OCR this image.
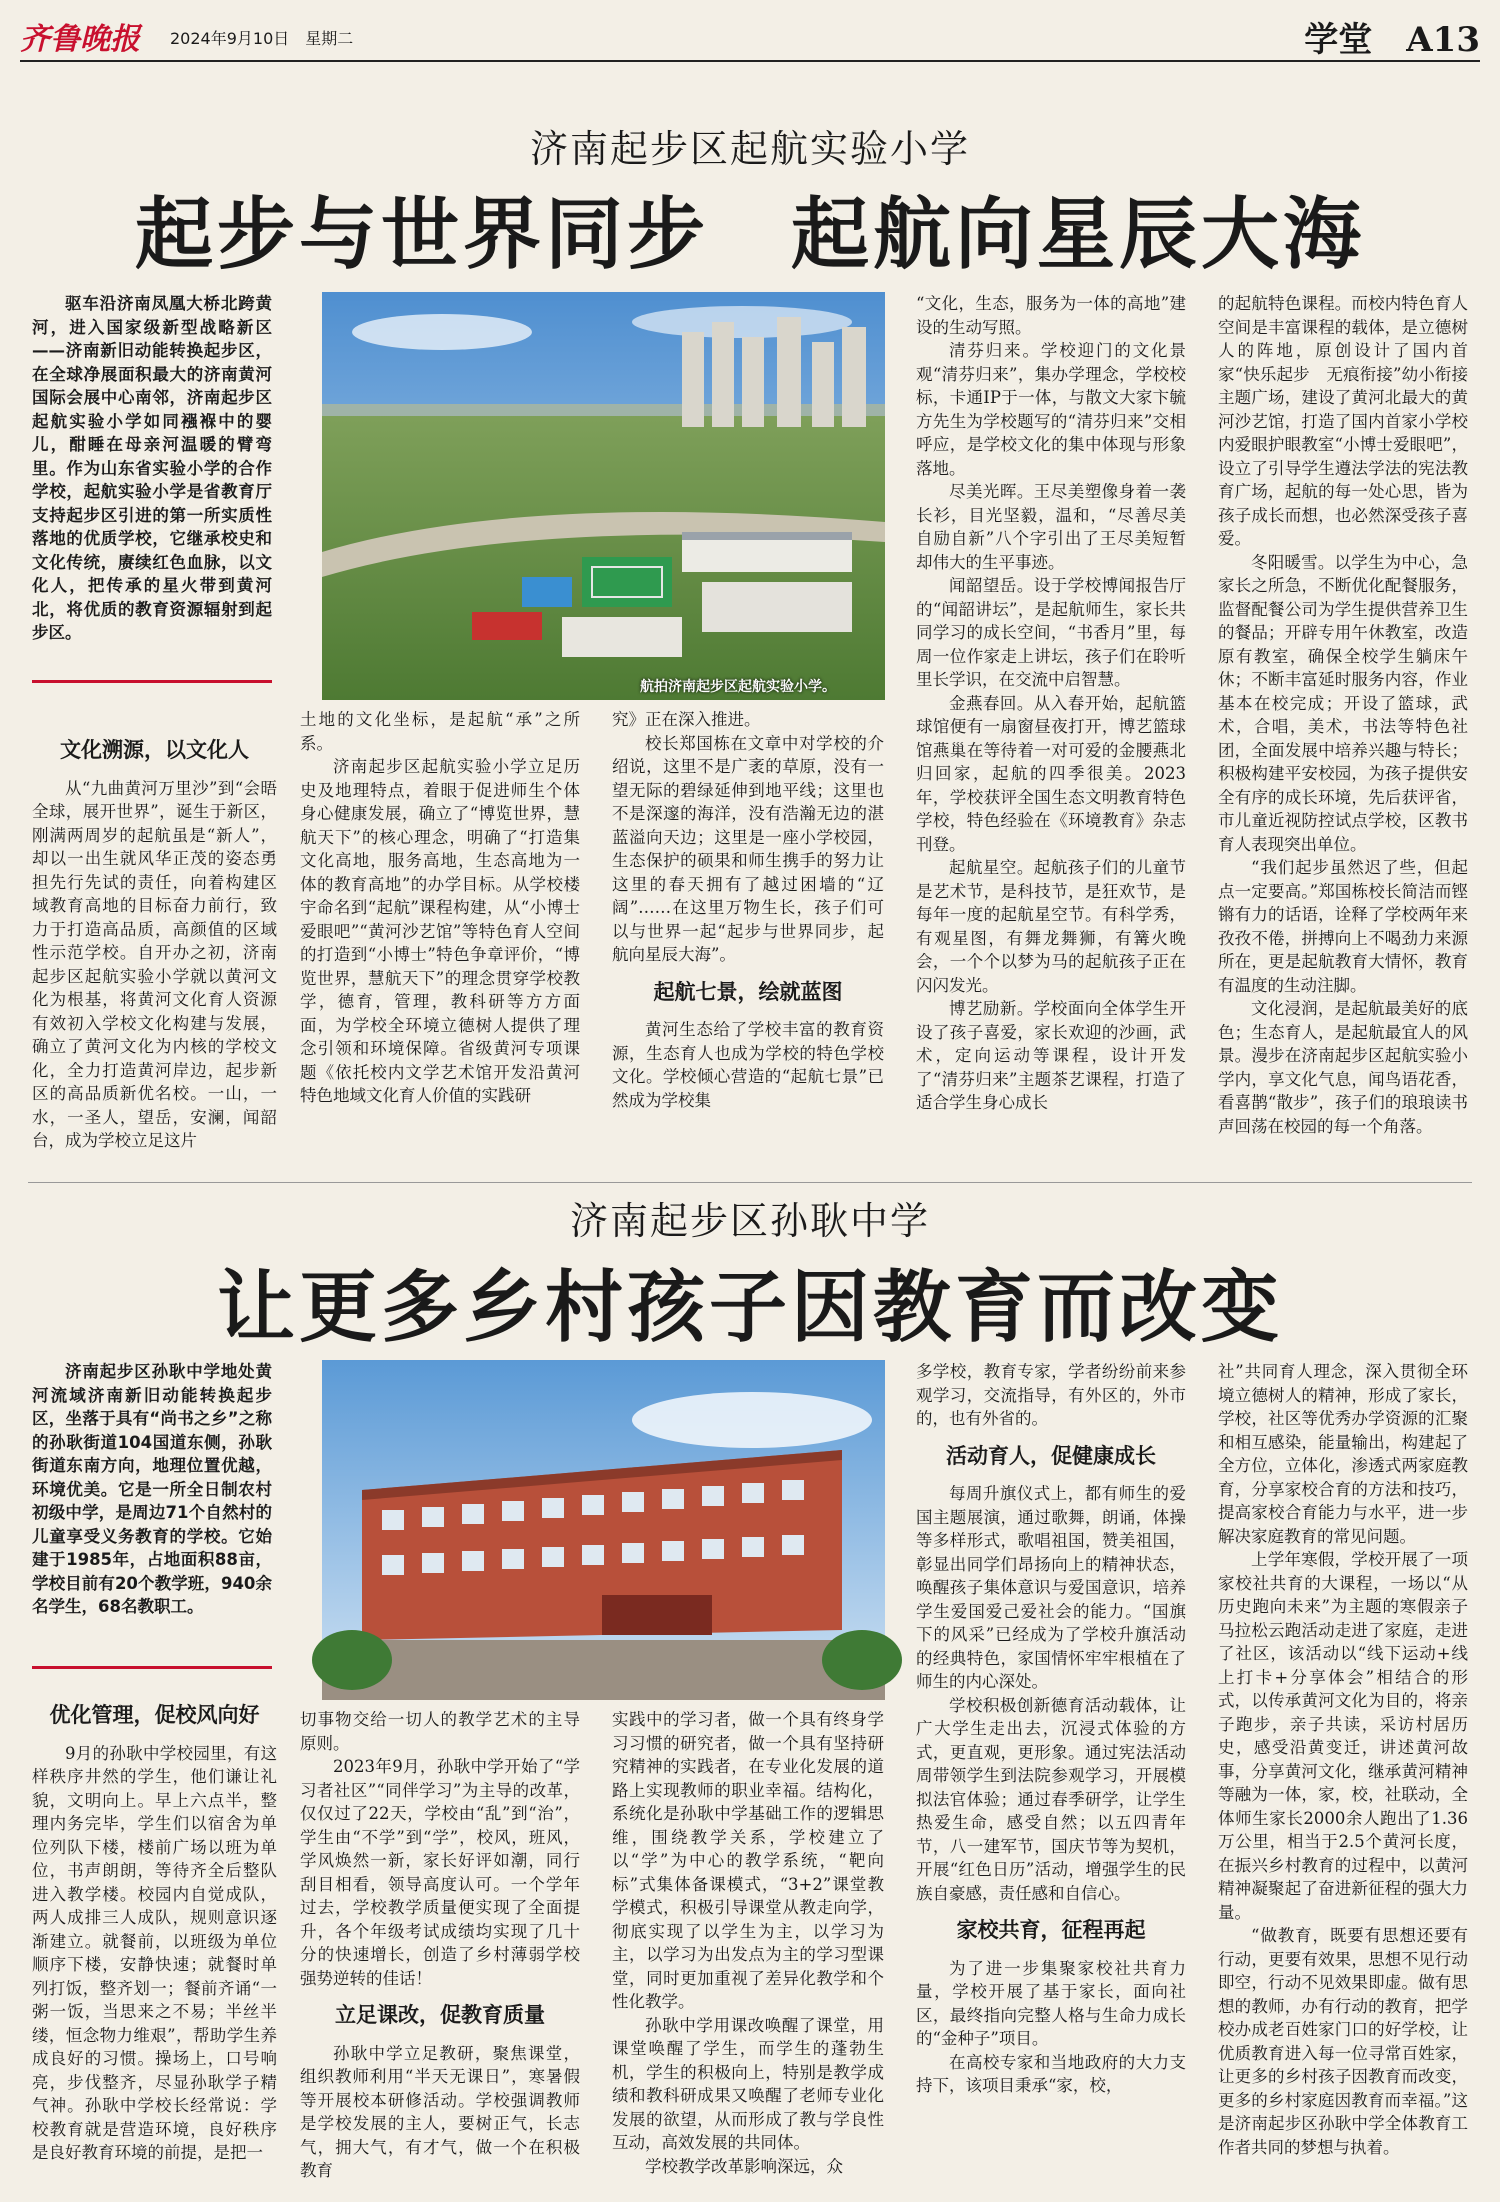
齐鲁晚报 2024年9月10日　星期二	学堂　A13
济南起步区起航实验小学
起步与世界同步　起航向星辰大海

驱车沿济南凤凰大桥北跨黄河，进入国家级新型战略新区——济南新旧动能转换起步区，在全球净展面积最大的济南黄河国际会展中心南邻，济南起步区起航实验小学如同襁褓中的婴儿，酣睡在母亲河温暖的臂弯里。作为山东省实验小学的合作学校，起航实验小学是省教育厅支持起步区引进的第一所实质性落地的优质学校，它继承校史和文化传统，赓续红色血脉，以文化人，把传承的星火带到黄河北，将优质的教育资源辐射到起步区。

航拍济南起步区起航实验小学。

文化溯源，以文化人

从“九曲黄河万里沙”到“会晤全球，展开世界”，诞生于新区，刚满两周岁的起航虽是“新人”，却以一出生就风华正茂的姿态勇担先行先试的责任，向着构建区域教育高地的目标奋力前行，致力于打造高品质，高颜值的区域性示范学校。自开办之初，济南起步区起航实验小学就以黄河文化为根基，将黄河文化育人资源有效初入学校文化构建与发展，确立了黄河文化为内核的学校文化，全力打造黄河岸边，起步新区的高品质新优名校。一山，一水，一圣人，望岳，安澜，闻韶台，成为学校立足这片

土地的文化坐标，是起航“承”之所系。

济南起步区起航实验小学立足历史及地理特点，着眼于促进师生个体身心健康发展，确立了“博览世界，慧航天下”的核心理念，明确了“打造集文化高地，服务高地，生态高地为一体的教育高地”的办学目标。从学校楼宇命名到“起航”课程构建，从“小博士爱眼吧”“黄河沙艺馆”等特色育人空间的打造到“小博士”特色争章评价，“博览世界，慧航天下”的理念贯穿学校教学，德育，管理，教科研等方方面面，为学校全环境立德树人提供了理念引领和环境保障。省级黄河专项课题《依托校内文学艺术馆开发沿黄河特色地域文化育人价值的实践研

究》正在深入推进。

校长郑国栋在文章中对学校的介绍说，这里不是广袤的草原，没有一望无际的碧绿延伸到地平线；这里也不是深邃的海洋，没有浩瀚无边的湛蓝溢向天边；这里是一座小学校园，生态保护的硕果和师生携手的努力让这里的春天拥有了越过困墙的“辽阔”……在这里万物生长，孩子们可以与世界一起“起步与世界同步，起航向星辰大海”。

起航七景，绘就蓝图

黄河生态给了学校丰富的教育资源，生态育人也成为学校的特色学校文化。学校倾心营造的“起航七景”已然成为学校集

“文化，生态，服务为一体的高地”建设的生动写照。

清芬归来。学校迎门的文化景观“清芬归来”，集办学理念，学校校标，卡通IP于一体，与散文大家卞毓方先生为学校题写的“清芬归来”交相呼应，是学校文化的集中体现与形象落地。

尽美光晖。王尽美塑像身着一袭长衫，目光坚毅，温和，“尽善尽美　自励自新”八个字引出了王尽美短暂却伟大的生平事迹。

闻韶望岳。设于学校博闻报告厅的“闻韶讲坛”，是起航师生，家长共同学习的成长空间，“书香月”里，每周一位作家走上讲坛，孩子们在聆听里长学识，在交流中启智慧。

金燕春回。从入春开始，起航篮球馆便有一扇窗昼夜打开，博艺篮球馆燕巢在等待着一对可爱的金腰燕北归回家，起航的四季很美。2023年，学校获评全国生态文明教育特色学校，特色经验在《环境教育》杂志刊登。

起航星空。起航孩子们的儿童节是艺术节，是科技节，是狂欢节，是每年一度的起航星空节。有科学秀，有观星图，有舞龙舞狮，有篝火晚会，一个个以梦为马的起航孩子正在闪闪发光。

博艺励新。学校面向全体学生开设了孩子喜爱，家长欢迎的沙画，武术，定向运动等课程，设计开发了“清芬归来”主题茶艺课程，打造了适合学生身心成长

的起航特色课程。而校内特色育人空间是丰富课程的载体，是立德树人的阵地，原创设计了国内首家“快乐起步　无痕衔接”幼小衔接主题广场，建设了黄河北最大的黄河沙艺馆，打造了国内首家小学校内爱眼护眼教室“小博士爱眼吧”，设立了引导学生遵法学法的宪法教育广场，起航的每一处心思，皆为孩子成长而想，也必然深受孩子喜爱。

冬阳暖雪。以学生为中心，急家长之所急，不断优化配餐服务，监督配餐公司为学生提供营养卫生的餐品；开辟专用午休教室，改造原有教室，确保全校学生躺床午休；不断丰富延时服务内容，作业基本在校完成；开设了篮球，武术，合唱，美术，书法等特色社团，全面发展中培养兴趣与特长；积极构建平安校园，为孩子提供安全有序的成长环境，先后获评省，市儿童近视防控试点学校，区教书育人表现突出单位。

“我们起步虽然迟了些，但起点一定要高。”郑国栋校长简洁而铿锵有力的话语，诠释了学校两年来孜孜不倦，拼搏向上不喝劲力来源所在，更是起航教育大情怀，教育有温度的生动注脚。

文化浸润，是起航最美好的底色；生态育人，是起航最宜人的风景。漫步在济南起步区起航实验小学内，享文化气息，闻鸟语花香，看喜鹊“散步”，孩子们的琅琅读书声回荡在校园的每一个角落。

济南起步区孙耿中学
让更多乡村孩子因教育而改变

济南起步区孙耿中学地处黄河流域济南新旧动能转换起步区，坐落于具有“尚书之乡”之称的孙耿街道104国道东侧，孙耿街道东南方向，地理位置优越，环境优美。它是一所全日制农村初级中学，是周边71个自然村的儿童享受义务教育的学校。它始建于1985年，占地面积88亩，学校目前有20个教学班，940余名学生，68名教职工。

优化管理，促校风向好

9月的孙耿中学校园里，有这样秩序井然的学生，他们谦让礼貌，文明向上。早上六点半，整理内务完毕，学生们以宿舍为单位列队下楼，楼前广场以班为单位，书声朗朗，等待齐全后整队进入教学楼。校园内自觉成队，两人成排三人成队，规则意识逐渐建立。就餐前，以班级为单位顺序下楼，安静快速；就餐时单列打饭，整齐划一；餐前齐诵“一粥一饭，当思来之不易；半丝半缕，恒念物力维艰”，帮助学生养成良好的习惯。操场上，口号响亮，步伐整齐，尽显孙耿学子精气神。孙耿中学校长经常说：学校教育就是营造环境，良好秩序是良好教育环境的前提，是把一

切事物交给一切人的教学艺术的主导原则。

2023年9月，孙耿中学开始了“学习者社区”“同伴学习”为主导的改革，仅仅过了22天，学校由“乱”到“治”，学生由“不学”到“学”，校风，班风，学风焕然一新，家长好评如潮，同行刮目相看，领导高度认可。一个学年过去，学校教学质量便实现了全面提升，各个年级考试成绩均实现了几十分的快速增长，创造了乡村薄弱学校强势逆转的佳话！

立足课改，促教育质量

孙耿中学立足教研，聚焦课堂，组织教师利用“半天无课日”，寒暑假等开展校本研修活动。学校强调教师是学校发展的主人，要树正气，长志气，拥大气，有才气，做一个在积极教育

实践中的学习者，做一个具有终身学习习惯的研究者，做一个具有坚持研究精神的实践者，在专业化发展的道路上实现教师的职业幸福。结构化，系统化是孙耿中学基础工作的逻辑思维，围绕教学关系，学校建立了以“学”为中心的教学系统，“靶向标”式集体备课模式，“3+2”课堂教学模式，积极引导课堂从教走向学，彻底实现了以学生为主，以学习为主，以学习为出发点为主的学习型课堂，同时更加重视了差异化教学和个性化教学。

孙耿中学用课改唤醒了课堂，用课堂唤醒了学生，而学生的蓬勃生机，学生的积极向上，特别是教学成绩和教科研成果又唤醒了老师专业化发展的欲望，从而形成了教与学良性互动，高效发展的共同体。

学校教学改革影响深远，众

多学校，教育专家，学者纷纷前来参观学习，交流指导，有外区的，外市的，也有外省的。

活动育人，促健康成长

每周升旗仪式上，都有师生的爱国主题展演，通过歌舞，朗诵，体操等多样形式，歌唱祖国，赞美祖国，彰显出同学们昂扬向上的精神状态，唤醒孩子集体意识与爱国意识，培养学生爱国爱己爱社会的能力。“国旗下的风采”已经成为了学校升旗活动的经典特色，家国情怀牢牢根植在了师生的内心深处。

学校积极创新德育活动载体，让广大学生走出去，沉浸式体验的方式，更直观，更形象。通过宪法活动周带领学生到法院参观学习，开展模拟法官体验；通过春季研学，让学生热爱生命，感受自然；以五四青年节，八一建军节，国庆节等为契机，开展“红色日历”活动，增强学生的民族自豪感，责任感和自信心。

家校共育，征程再起

为了进一步集聚家校社共育力量，学校开展了基于家长，面向社区，最终指向完整人格与生命力成长的“金种子”项目。

在高校专家和当地政府的大力支持下，该项目秉承“家，校，

社”共同育人理念，深入贯彻全环境立德树人的精神，形成了家长，学校，社区等优秀办学资源的汇聚和相互感染，能量输出，构建起了全方位，立体化，渗透式两家庭教育，分享家校合育的方法和技巧，提高家校合育能力与水平，进一步解决家庭教育的常见问题。

上学年寒假，学校开展了一项家校社共育的大课程，一场以“从历史跑向未来”为主题的寒假亲子马拉松云跑活动走进了家庭，走进了社区，该活动以“线下运动+线上打卡+分享体会”相结合的形式，以传承黄河文化为目的，将亲子跑步，亲子共读，采访村居历史，感受沿黄变迁，讲述黄河故事，分享黄河文化，继承黄河精神等融为一体，家，校，社联动，全体师生家长2000余人跑出了1.36万公里，相当于2.5个黄河长度，在振兴乡村教育的过程中，以黄河精神凝聚起了奋进新征程的强大力量。

“做教育，既要有思想还要有行动，更要有效果，思想不见行动即空，行动不见效果即虚。做有思想的教师，办有行动的教育，把学校办成老百姓家门口的好学校，让优质教育进入每一位寻常百姓家，让更多的乡村孩子因教育而改变，更多的乡村家庭因教育而幸福。”这是济南起步区孙耿中学全体教育工作者共同的梦想与执着。
